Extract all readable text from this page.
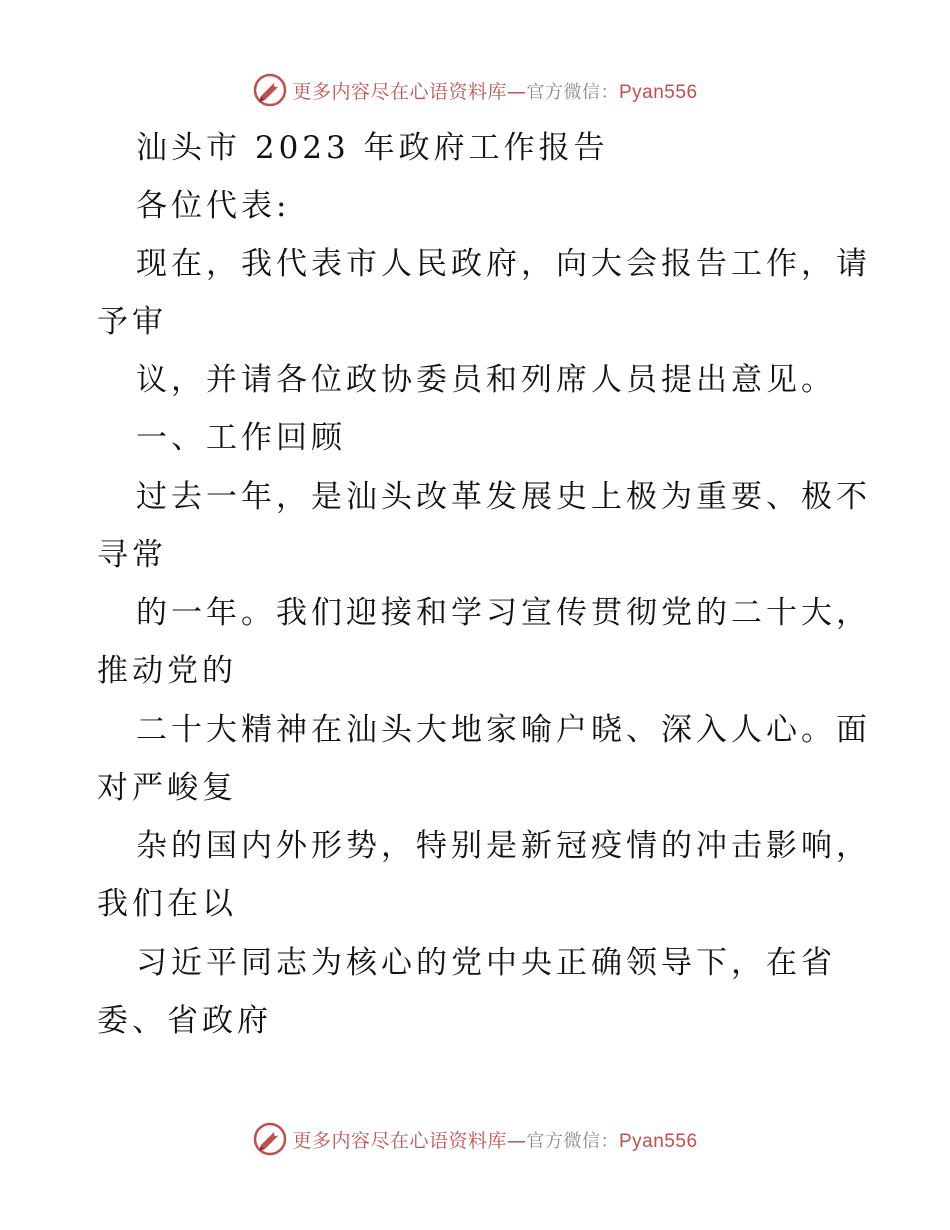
更多内容尽在心语资料库—官方微信：Pyan556
汕头市 2023 年政府工作报告
各位代表:
现在，我代表市人民政府，向大会报告工作，请
予审
议，并请各位政协委员和列席人员提出意见。
一、工作回顾
过去一年，是汕头改革发展史上极为重要、极不
寻常
的一年。我们迎接和学习宣传贯彻党的二十大，
推动党的
二十大精神在汕头大地家喻户晓、深入人心。面
对严峻复
杂的国内外形势，特别是新冠疫情的冲击影响，
我们在以
习近平同志为核心的党中央正确领导下，在省
委、省政府
更多内容尽在心语资料库—官方微信：Pyan556
